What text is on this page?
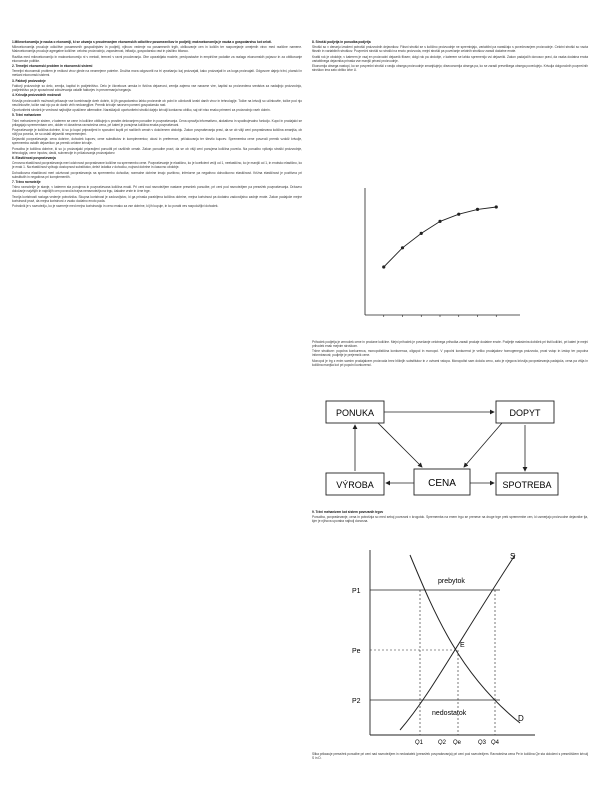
1.Mikroekonomija je nauka o ekonomiji, ki se ukvarja s proučevanjem ekonomskih odločitev posameznikov in podjetij; makroekonomija je nauka o gospodarstvu kot celoti.

Mikroekonomija proučuje odločitve posameznih gospodinjstev in podjetij, njihovo vedenje na posameznih trgih, oblikovanje cen in količin ter razporejanje omejenih virov med različne namene. Makroekonomija proučuje agregatne količine: celotno proizvodnjo, zaposlenost, inflacijo, gospodarsko rast in plačilno bilanco.

Razlika med mikroekonomijo in makroekonomijo ni v metodi, temveč v ravni proučevanja. Obe uporabljata modele, predpostavke in empirične podatke za razlago ekonomskih pojavov in za oblikovanje ekonomske politike.

2. Temeljni ekonomski problem in ekonomski sistemi

Temeljni ekonomski problem je redkost virov glede na neomejene potrebe. Družba mora odgovoriti na tri vprašanja: kaj proizvajati, kako proizvajati in za koga proizvajati. Odgovore dajejo tržni, planski in mešani ekonomski sistemi.

3. Faktorji proizvodnje

Faktorji proizvodnje so delo, zemlja, kapital in podjetništvo. Delo je človekova umska in fizična dejavnost, zemlja zajema vse naravne vire, kapital so proizvedena sredstva za nadaljnjo proizvodnjo, podjetništvo pa je sposobnost združevanja ostalih faktorjev in prevzemanja tveganja.

4. Krivulja proizvodnih možnosti

Krivulja proizvodnih možnosti prikazuje vse kombinacije dveh dobrin, ki jih gospodarstvo lahko proizvede ob polni in učinkoviti izrabi danih virov in tehnologije. Točke na krivulji so učinkovite, točke pod njo neučinkovite, točke nad njo pa ob danih virih nedosegljive. Premik krivulje navzven pomeni gospodarsko rast.

Oportunitetni strošek je vrednost najboljše opuščene alternative. Naraščajoči oportunitetni stroški dajejo krivulji konkavno obliko, saj viri niso enako primerni za proizvodnjo vseh dobrin.

5. Tržni mehanizem

Tržni mehanizem je sistem, v katerem se cene in količine oblikujejo s prostim delovanjem ponudbe in povpraševanja. Cena opravlja informativno, alokativno in spodbujevalno funkcijo. Kupci in prodajalci se prilagajajo spremembam cen, dokler ni dosežena ravnotežna cena, pri kateri je ponujena količina enaka povpraševani.

Povpraševanje je količina dobrine, ki so jo kupci pripravljeni in sposobni kupiti pri različnih cenah v določenem obdobju. Zakon povpraševanja pravi, da se ob višji ceni povpraševana količina zmanjša, ob nižji pa poveča, če so ostali dejavniki nespremenjeni.

Dejavniki povpraševanja: cena dobrine, dohodek kupcev, cene substitutov in komplementov, okusi in preference, pričakovanja ter število kupcev. Sprememba cene povzroči premik vzdolž krivulje, sprememba ostalih dejavnikov pa premik celotne krivulje.

Ponudba je količina dobrine, ki so jo proizvajalci pripravljeni ponuditi pri različnih cenah. Zakon ponudbe pravi, da se ob višji ceni ponujena količina poveča. Na ponudbo vplivajo stroški proizvodnje, tehnologija, cene inputov, davki, subvencije in pričakovanja proizvajalcev.

6. Elastičnost povpraševanja

Cenovna elastičnost povpraševanja meri odzivnost povpraševane količine na spremembo cene. Povpraševanje je elastično, ko je koeficient večji od 1, neelastično, ko je manjši od 1, in enotsko elastično, ko je enak 1. Na elastičnost vplivajo dostopnost substitutov, delež izdatka v dohodku, nujnost dobrine in časovno obdobje.

Dohodkovna elastičnost meri odzivnost povpraševanja na spremembo dohodka; normalne dobrine imajo pozitivno, inferiorne pa negativno dohodkovno elastičnost. Križna elastičnost je pozitivna pri substitutih in negativna pri komplementih.

7. Tržno ravnotežje

Tržno ravnotežje je stanje, v katerem sta ponujena in povpraševana količina enaki. Pri ceni nad ravnotežjem nastane presežek ponudbe, pri ceni pod ravnotežjem pa presežek povpraševanja. Državno določanje najvišjih in najnižjih cen povzroča trajna neravnotežja na trgu, čakalne vrste in črne trge.

Teorija koristnosti razlaga vedenje potrošnika. Skupna koristnost je zadovoljstvo, ki ga prinaša porabljena količina dobrine, mejna koristnost pa dodatno zadovoljstvo zadnje enote. Zakon padajoče mejne koristnosti pravi, da mejna koristnost z vsako dodatno enoto pada.

Potrošnik je v ravnotežju, ko je razmerje med mejno koristnostjo in ceno enako za vse dobrine, ki jih kupuje, in ko porabi ves razpoložljivi dohodek.

8. Stroški podjetja in ponudba podjetja

Stroški so v denarju izraženi potroški proizvodnih dejavnikov. Fiksni stroški se s količino proizvodnje ne spreminjajo, variabilni pa naraščajo s povečevanjem proizvodnje. Celotni stroški so vsota fiksnih in variabilnih stroškov. Povprečni stroški so stroški na enoto proizvoda, mejni stroški pa povečanje celotnih stroškov zaradi dodatne enote.

Kratki rok je obdobje, v katerem je vsaj en proizvodni dejavnik fiksen; dolgi rok pa obdobje, v katerem se lahko spremenijo vsi dejavniki. Zakon padajočih donosov pravi, da vsaka dodatna enota variabilnega dejavnika prinaša vse manjši prirast proizvodnje.

Ekonomija obsega nastopi, ko se povprečni stroški z rastjo obsega proizvodnje zmanjšujejo; diseconomija obsega pa, ko se zaradi prevelikega obsega povečujejo. Krivulja dolgoročnih povprečnih stroškov ima zato obliko črke U.

Prihodek podjetja je zmnožek cene in prodane količine. Mejni prihodek je povečanje celotnega prihodka zaradi prodaje dodatne enote. Podjetje maksimira dobiček pri tisti količini, pri kateri je mejni prihodek enak mejnim stroškom.

Tržne strukture: popolna konkurenca, monopolistična konkurenca, oligopol in monopol. V popolni konkurenci je veliko prodajalcev homogenega proizvoda, prost vstop in izstop ter popolna informiranost; podjetje je prejemnik cene.

Monopol je trg z enim samim prodajalcem proizvoda brez bližnjih substitutov in z ovirami vstopa. Monopolist sam določa ceno, zato je njegova krivulja povpraševanja padajoča, cena pa višja in količina manjša kot pri popolni konkurenci.

PONUKA	DOPYT
VÝROBA	CENA	SPOTREBA

9. Tržni mehanizem kot sistem povezanih trgov

Ponudba, povpraševanje, cena in potrošnja so med seboj povezani v krogotok. Sprememba na enem trgu se prenese na druge trge prek spremembe cen, ki usmerjajo proizvodne dejavnike tja, kjer je njihova uporaba najbolj donosna.

S
D
P1
Pe
P2
prebytok
nedostatok
E
Q1 Q2 Qe	Q3 Q4

Slika prikazuje presežek ponudbe pri ceni nad ravnotežjem in nedostatek (presežek povpraševanja) pri ceni pod ravnotežjem. Ravnotežna cena Pe in količina Qe sta določeni s presečiščem krivulj S in D.
